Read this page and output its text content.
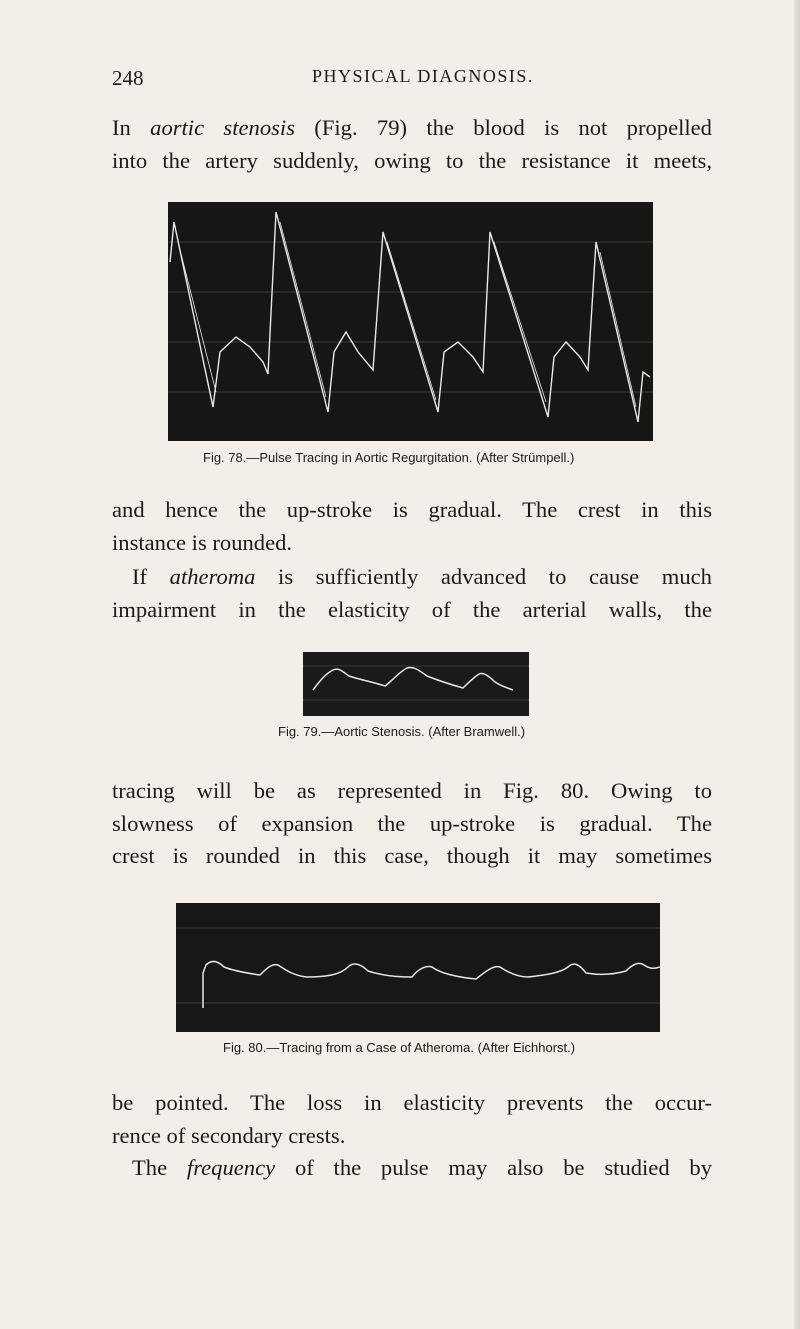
248	PHYSICAL DIAGNOSIS.
In aortic stenosis (Fig. 79) the blood is not propelled
into the artery suddenly, owing to the resistance it meets,
Fig. 78.—Pulse Tracing in Aortic Regurgitation. (After Strümpell.)
and hence the up-stroke is gradual. The crest in this
instance is rounded.
If atheroma is sufficiently advanced to cause much
impairment in the elasticity of the arterial walls, the
Fig. 79.—Aortic Stenosis. (After Bramwell.)
tracing will be as represented in Fig. 80. Owing to
slowness of expansion the up-stroke is gradual. The
crest is rounded in this case, though it may sometimes
Fig. 80.—Tracing from a Case of Atheroma. (After Eichhorst.)
be pointed. The loss in elasticity prevents the occur-
rence of secondary crests.
The frequency of the pulse may also be studied by
